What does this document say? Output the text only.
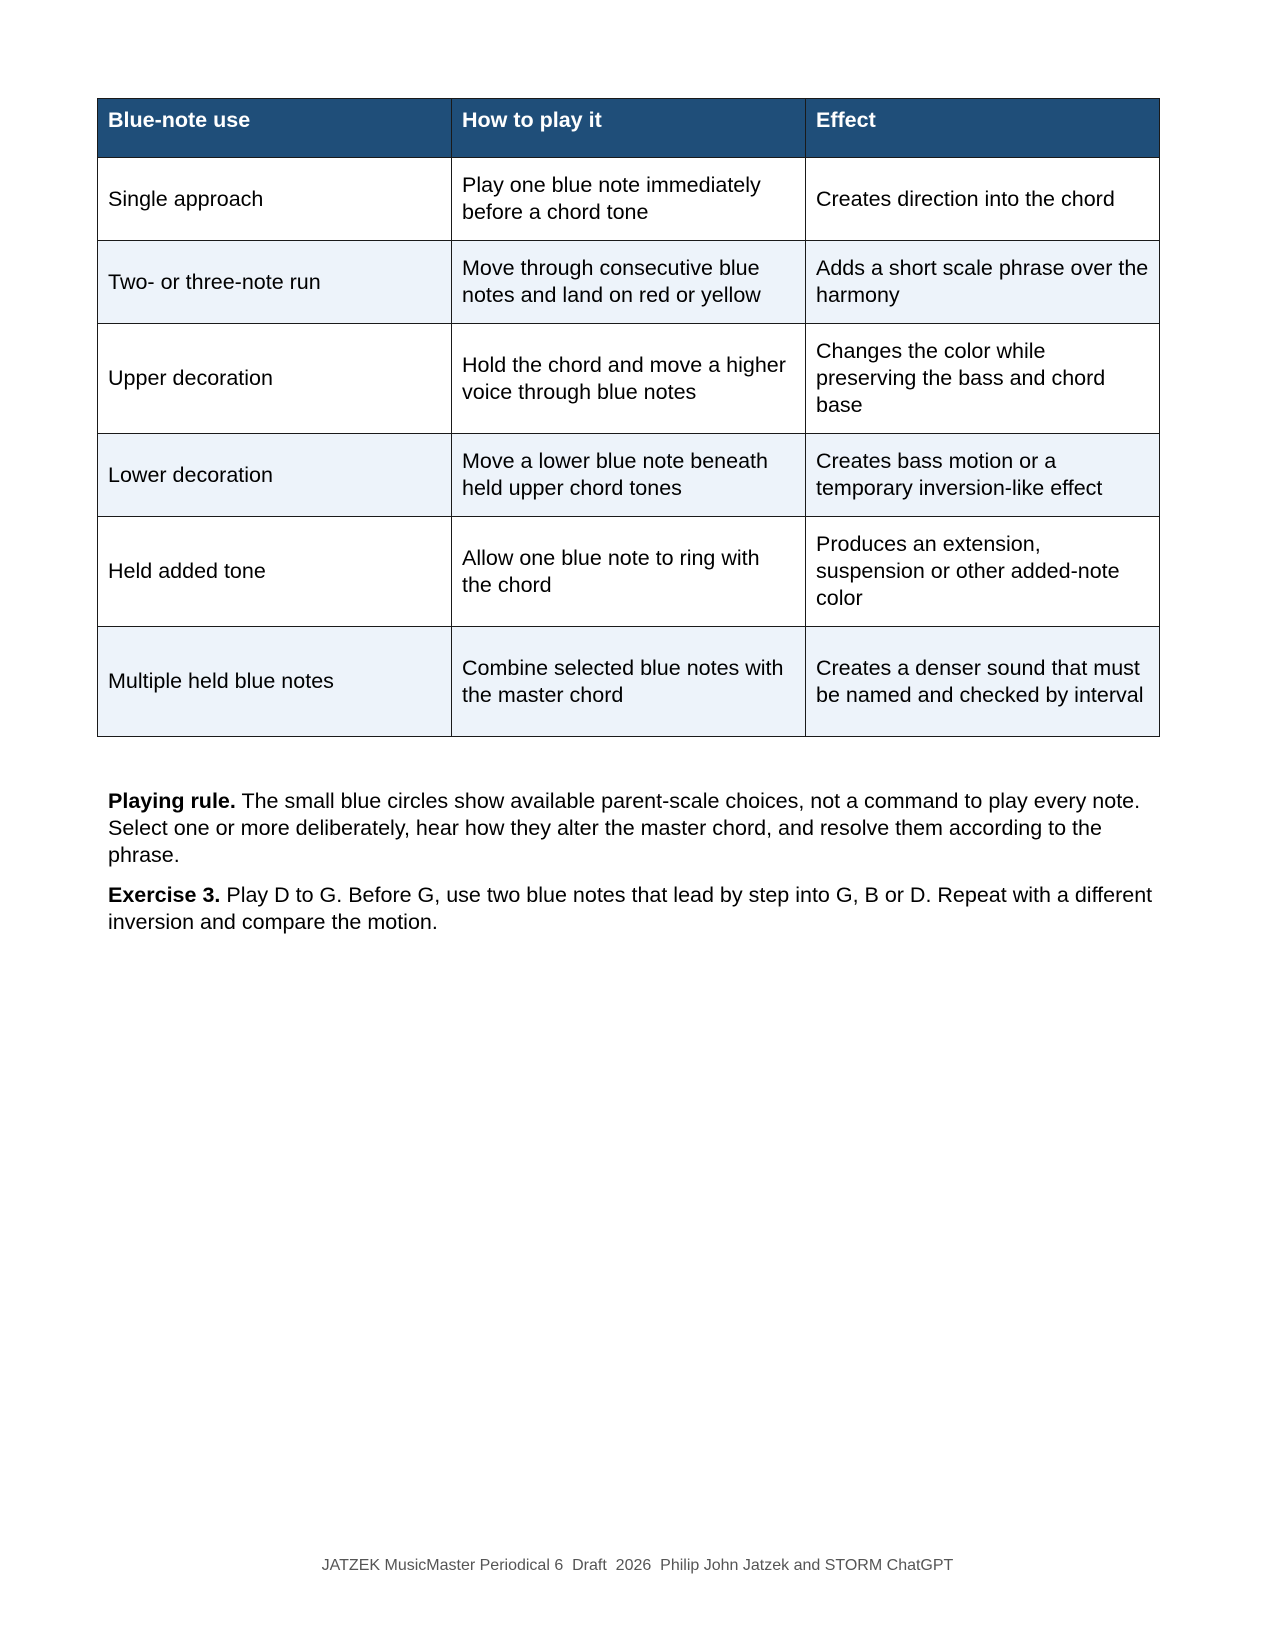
Blue-note use	How to play it	Effect
Single approach	Play one blue note immediately before a chord tone	Creates direction into the chord
Two- or three-note run	Move through consecutive blue notes and land on red or yellow	Adds a short scale phrase over the harmony
Upper decoration	Hold the chord and move a higher voice through blue notes	Changes the color while preserving the bass and chord base
Lower decoration	Move a lower blue note beneath held upper chord tones	Creates bass motion or a temporary inversion-like effect
Held added tone	Allow one blue note to ring with the chord	Produces an extension, suspension or other added-note color
Multiple held blue notes	Combine selected blue notes with the master chord	Creates a denser sound that must be named and checked by interval

Playing rule. The small blue circles show available parent-scale choices, not a command to play every note. Select one or more deliberately, hear how they alter the master chord, and resolve them according to the phrase.

Exercise 3. Play D to G. Before G, use two blue notes that lead by step into G, B or D. Repeat with a different inversion and compare the motion.

JATZEK MusicMaster Periodical 6  Draft  2026  Philip John Jatzek and STORM ChatGPT
